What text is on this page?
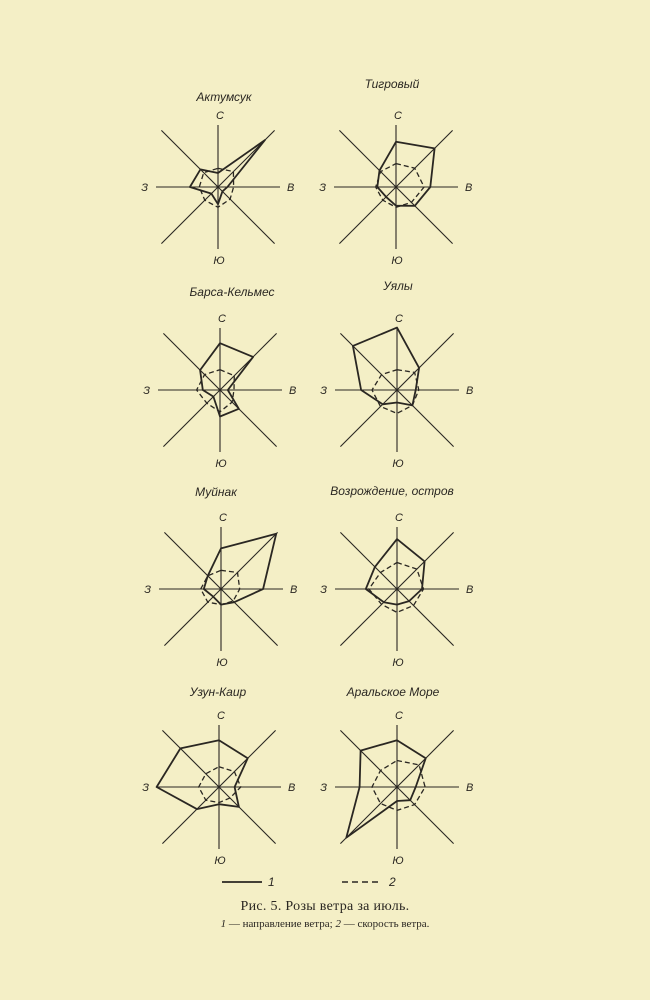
С
В
Ю
З
Актумсук
С
В
Ю
З
Тигровый
С
В
Ю
З
Барса-Кельмес
С
В
Ю
З
Уялы
С
В
Ю
З
Муйнак
С
В
Ю
З
Возрождение, остров
С
В
Ю
З
Узун-Каир
С
В
Ю
З
Аральское Море
1	2
Рис. 5. Розы ветра за июль.
1 — направление ветра; 2 — скорость ветра.
